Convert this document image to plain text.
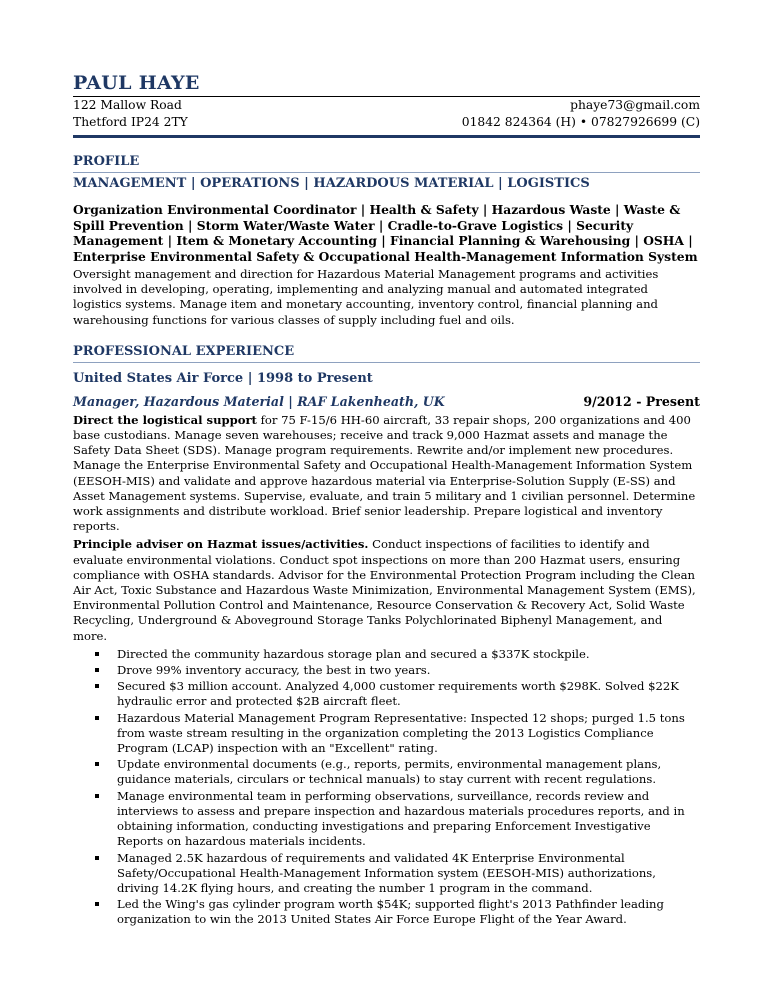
PAUL HAYE
122 Mallow Road	phaye73@gmail.com
Thetford IP24 2TY	01842 824364 (H) • 07827926699 (C)
PROFILE
MANAGEMENT | OPERATIONS | HAZARDOUS MATERIAL | LOGISTICS
Organization Environmental Coordinator | Health & Safety | Hazardous Waste | Waste & Spill Prevention | Storm Water/Waste Water | Cradle-to-Grave Logistics | Security Management | Item & Monetary Accounting | Financial Planning & Warehousing | OSHA | Enterprise Environmental Safety & Occupational Health-Management Information System
Oversight management and direction for Hazardous Material Management programs and activities involved in developing, operating, implementing and analyzing manual and automated integrated logistics systems. Manage item and monetary accounting, inventory control, financial planning and warehousing functions for various classes of supply including fuel and oils.
PROFESSIONAL EXPERIENCE
United States Air Force | 1998 to Present
Manager, Hazardous Material | RAF Lakenheath, UK	9/2012 - Present
Direct the logistical support for 75 F-15/6 HH-60 aircraft, 33 repair shops, 200 organizations and 400 base custodians. Manage seven warehouses; receive and track 9,000 Hazmat assets and manage the Safety Data Sheet (SDS). Manage program requirements. Rewrite and/or implement new procedures. Manage the Enterprise Environmental Safety and Occupational Health-Management Information System (EESOH-MIS) and validate and approve hazardous material via Enterprise-Solution Supply (E-SS) and Asset Management systems. Supervise, evaluate, and train 5 military and 1 civilian personnel. Determine work assignments and distribute workload. Brief senior leadership. Prepare logistical and inventory reports.
Principle adviser on Hazmat issues/activities. Conduct inspections of facilities to identify and evaluate environmental violations. Conduct spot inspections on more than 200 Hazmat users, ensuring compliance with OSHA standards. Advisor for the Environmental Protection Program including the Clean Air Act, Toxic Substance and Hazardous Waste Minimization, Environmental Management System (EMS), Environmental Pollution Control and Maintenance, Resource Conservation & Recovery Act, Solid Waste Recycling, Underground & Aboveground Storage Tanks Polychlorinated Biphenyl Management, and more.
Directed the community hazardous storage plan and secured a $337K stockpile.
Drove 99% inventory accuracy, the best in two years.
Secured $3 million account. Analyzed 4,000 customer requirements worth $298K. Solved $22K hydraulic error and protected $2B aircraft fleet.
Hazardous Material Management Program Representative: Inspected 12 shops; purged 1.5 tons from waste stream resulting in the organization completing the 2013 Logistics Compliance Program (LCAP) inspection with an "Excellent" rating.
Update environmental documents (e.g., reports, permits, environmental management plans, guidance materials, circulars or technical manuals) to stay current with recent regulations.
Manage environmental team in performing observations, surveillance, records review and interviews to assess and prepare inspection and hazardous materials procedures reports, and in obtaining information, conducting investigations and preparing Enforcement Investigative Reports on hazardous materials incidents.
Managed 2.5K hazardous of requirements and validated 4K Enterprise Environmental Safety/Occupational Health-Management Information system (EESOH-MIS) authorizations, driving 14.2K flying hours, and creating the number 1 program in the command.
Led the Wing's gas cylinder program worth $54K; supported flight's 2013 Pathfinder leading organization to win the 2013 United States Air Force Europe Flight of the Year Award.
